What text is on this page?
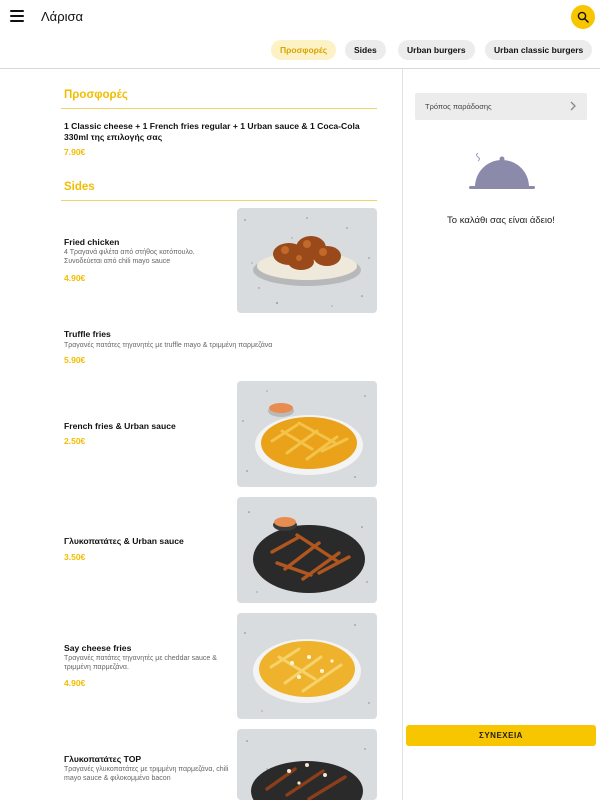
Λάρισα
Προσφορές	Sides	Urban burgers	Urban classic burgers
Προσφορές
1 Classic cheese + 1 French fries regular + 1 Urban sauce & 1 Coca-Cola 330ml της επιλογής σας
7.90€
Sides
Fried chicken
4 Τραγανά φιλέτα από στήθος κοτόπουλο. Συνοδεύεται από chili mayo sauce
4.90€
Truffle fries
Τραγανές πατάτες τηγανητές με truffle mayo & τριμμένη παρμεζάνα
5.90€
French fries & Urban sauce
2.50€
Γλυκοπατάτες & Urban sauce
3.50€
Say cheese fries
Τραγανές πατάτες τηγανητές με cheddar sauce & τριμμένη παρμεζάνα.
4.90€
Γλυκοπατάτες TOP
Τραγανές γλυκοπατάτες με τριμμένη παρμεζάνα, chili mayo sauce & φιλοκομμένο bacon
Τρόπος παράδοσης
Το καλάθι σας είναι άδειο!
ΣΥΝΕΧΕΙΑ
